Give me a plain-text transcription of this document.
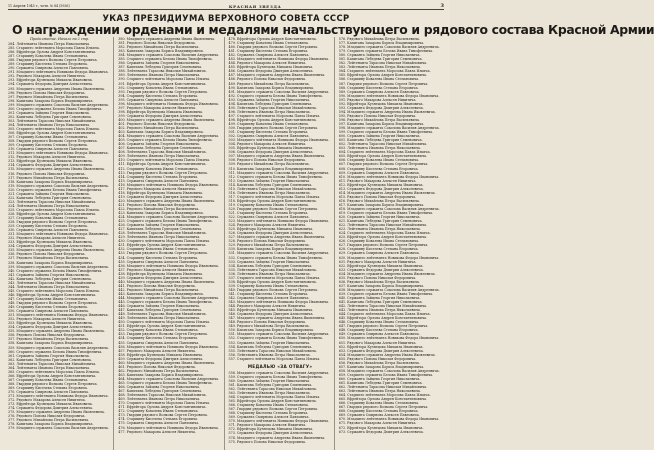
11 Апреля 1945 г., четв. № 84 (5936)	КРАСНАЯ ЗВЕЗДА	3
УКАЗ ПРЕЗИДИУМА ВЕРХОВНОГО СОВЕТА СССР
О награждении орденами и медалями начальствующего и рядового состава Красной Армии
Продолжение. Начало на 2 стр.
284. Лейтенанта Иванова Петра Николаевича.
285. Старшего лейтенанта Морозова Павла Ильича.
286. Ефрейтора Орлова Андрея Константиновича.
287. Старшину Ковалева Ивана Степановича.
288. Гвардии рядового Волкова Сергея Петровича.
289. Старшину Киселева Степана Егоровича.
290. Сержанта Смирнова Алексея Павловича.
291. Младшего лейтенанта Новикова Федора Ивановича.
292. Рядового Макарова Алексея Никитича.
293. Ефрейтора Кузнецова Михаила Ивановича.
294. Сержанта Федорова Дмитрия Алексеевича.
295. Младшего сержанта Андреева Ивана Яковлевича.
296. Рядового Попова Николая Федоровича.
297. Рядового Михайлова Петра Васильевича.
298. Капитана Захарова Бориса Владимировича.
299. Младшего сержанта Соколова Василия Андреевича.
300. Старшего сержанта Белова Ивана Тимофеевича.
301. Сержанта Зайцева Георгия Николаевича.
302. Капитана Лебедева Григория Семеновича.
303. Лейтенанта Тарасова Николая Михайловича.
304. Лейтенанта Иванова Петра Николаевича.
305. Старшего лейтенанта Морозова Павла Ильича.
306. Ефрейтора Орлова Андрея Константиновича.
307. Старшину Ковалева Ивана Степановича.
308. Гвардии рядового Волкова Сергея Петровича.
309. Старшину Киселева Степана Егоровича.
310. Сержанта Смирнова Алексея Павловича.
311. Младшего лейтенанта Новикова Федора Ивановича.
312. Рядового Макарова Алексея Никитича.
313. Ефрейтора Кузнецова Михаила Ивановича.
314. Сержанта Федорова Дмитрия Алексеевича.
315. Младшего сержанта Андреева Ивана Яковлевича.
316. Рядового Попова Николая Федоровича.
317. Рядового Михайлова Петра Васильевича.
318. Капитана Захарова Бориса Владимировича.
319. Младшего сержанта Соколова Василия Андреевича.
320. Старшего сержанта Белова Ивана Тимофеевича.
321. Сержанта Зайцева Георгия Николаевича.
322. Капитана Лебедева Григория Семеновича.
323. Лейтенанта Тарасова Николая Михайловича.
324. Лейтенанта Иванова Петра Николаевича.
325. Старшего лейтенанта Морозова Павла Ильича.
326. Ефрейтора Орлова Андрея Константиновича.
327. Старшину Ковалева Ивана Степановича.
328. Гвардии рядового Волкова Сергея Петровича.
329. Старшину Киселева Степана Егоровича.
330. Сержанта Смирнова Алексея Павловича.
331. Младшего лейтенанта Новикова Федора Ивановича.
332. Рядового Макарова Алексея Никитича.
333. Ефрейтора Кузнецова Михаила Ивановича.
334. Сержанта Федорова Дмитрия Алексеевича.
335. Младшего сержанта Андреева Ивана Яковлевича.
336. Рядового Попова Николая Федоровича.
337. Рядового Михайлова Петра Васильевича.
338. Капитана Захарова Бориса Владимировича.
339. Младшего сержанта Соколова Василия Андреевича.
340. Старшего сержанта Белова Ивана Тимофеевича.
341. Сержанта Зайцева Георгия Николаевича.
342. Капитана Лебедева Григория Семеновича.
343. Лейтенанта Тарасова Николая Михайловича.
344. Лейтенанта Иванова Петра Николаевича.
345. Старшего лейтенанта Морозова Павла Ильича.
346. Ефрейтора Орлова Андрея Константиновича.
347. Старшину Ковалева Ивана Степановича.
348. Гвардии рядового Волкова Сергея Петровича.
349. Старшину Киселева Степана Егоровича.
350. Сержанта Смирнова Алексея Павловича.
351. Младшего лейтенанта Новикова Федора Ивановича.
352. Рядового Макарова Алексея Никитича.
353. Ефрейтора Кузнецова Михаила Ивановича.
354. Сержанта Федорова Дмитрия Алексеевича.
355. Младшего сержанта Андреева Ивана Яковлевича.
356. Рядового Попова Николая Федоровича.
357. Рядового Михайлова Петра Васильевича.
358. Капитана Захарова Бориса Владимировича.
359. Младшего сержанта Соколова Василия Андреевича.
360. Старшего сержанта Белова Ивана Тимофеевича.
361. Сержанта Зайцева Георгия Николаевича.
362. Капитана Лебедева Григория Семеновича.
363. Лейтенанта Тарасова Николая Михайловича.
364. Лейтенанта Иванова Петра Николаевича.
365. Старшего лейтенанта Морозова Павла Ильича.
366. Ефрейтора Орлова Андрея Константиновича.
367. Старшину Ковалева Ивана Степановича.
368. Гвардии рядового Волкова Сергея Петровича.
369. Старшину Киселева Степана Егоровича.
370. Сержанта Смирнова Алексея Павловича.
371. Младшего лейтенанта Новикова Федора Ивановича.
372. Рядового Макарова Алексея Никитича.
373. Ефрейтора Кузнецова Михаила Ивановича.
374. Сержанта Федорова Дмитрия Алексеевича.
375. Младшего сержанта Андреева Ивана Яковлевича.
376. Рядового Попова Николая Федоровича.
377. Рядового Михайлова Петра Васильевича.
378. Капитана Захарова Бориса Владимировича.
379. Младшего сержанта Соколова Василия Андреевича.
380. Младшего сержанта Андреева Ивана Яковлевича.
381. Рядового Попова Николая Федоровича.
382. Рядового Михайлова Петра Васильевича.
383. Капитана Захарова Бориса Владимировича.
384. Младшего сержанта Соколова Василия Андреевича.
385. Старшего сержанта Белова Ивана Тимофеевича.
386. Сержанта Зайцева Георгия Николаевича.
387. Капитана Лебедева Григория Семеновича.
388. Лейтенанта Тарасова Николая Михайловича.
389. Лейтенанта Иванова Петра Николаевича.
390. Старшего лейтенанта Морозова Павла Ильича.
391. Ефрейтора Орлова Андрея Константиновича.
392. Старшину Ковалева Ивана Степановича.
393. Гвардии рядового Волкова Сергея Петровича.
394. Старшину Киселева Степана Егоровича.
395. Сержанта Смирнова Алексея Павловича.
396. Младшего лейтенанта Новикова Федора Ивановича.
397. Рядового Макарова Алексея Никитича.
398. Ефрейтора Кузнецова Михаила Ивановича.
399. Сержанта Федорова Дмитрия Алексеевича.
400. Младшего сержанта Андреева Ивана Яковлевича.
401. Рядового Попова Николая Федоровича.
402. Рядового Михайлова Петра Васильевича.
403. Капитана Захарова Бориса Владимировича.
404. Младшего сержанта Соколова Василия Андреевича.
405. Старшего сержанта Белова Ивана Тимофеевича.
406. Сержанта Зайцева Георгия Николаевича.
407. Капитана Лебедева Григория Семеновича.
408. Лейтенанта Тарасова Николая Михайловича.
409. Лейтенанта Иванова Петра Николаевича.
410. Старшего лейтенанта Морозова Павла Ильича.
411. Ефрейтора Орлова Андрея Константиновича.
412. Старшину Ковалева Ивана Степановича.
413. Гвардии рядового Волкова Сергея Петровича.
414. Старшину Киселева Степана Егоровича.
415. Сержанта Смирнова Алексея Павловича.
416. Младшего лейтенанта Новикова Федора Ивановича.
417. Рядового Макарова Алексея Никитича.
418. Ефрейтора Кузнецова Михаила Ивановича.
419. Сержанта Федорова Дмитрия Алексеевича.
420. Младшего сержанта Андреева Ивана Яковлевича.
421. Рядового Попова Николая Федоровича.
422. Рядового Михайлова Петра Васильевича.
423. Капитана Захарова Бориса Владимировича.
424. Младшего сержанта Соколова Василия Андреевича.
425. Старшего сержанта Белова Ивана Тимофеевича.
426. Сержанта Зайцева Георгия Николаевича.
427. Капитана Лебедева Григория Семеновича.
428. Лейтенанта Тарасова Николая Михайловича.
429. Лейтенанта Иванова Петра Николаевича.
430. Старшего лейтенанта Морозова Павла Ильича.
431. Ефрейтора Орлова Андрея Константиновича.
432. Старшину Ковалева Ивана Степановича.
433. Гвардии рядового Волкова Сергея Петровича.
434. Старшину Киселева Степана Егоровича.
435. Сержанта Смирнова Алексея Павловича.
436. Младшего лейтенанта Новикова Федора Ивановича.
437. Рядового Макарова Алексея Никитича.
438. Ефрейтора Кузнецова Михаила Ивановича.
439. Сержанта Федорова Дмитрия Алексеевича.
440. Младшего сержанта Андреева Ивана Яковлевича.
441. Рядового Попова Николая Федоровича.
442. Рядового Михайлова Петра Васильевича.
443. Капитана Захарова Бориса Владимировича.
444. Младшего сержанта Соколова Василия Андреевича.
445. Старшего сержанта Белова Ивана Тимофеевича.
446. Сержанта Зайцева Георгия Николаевича.
447. Капитана Лебедева Григория Семеновича.
448. Лейтенанта Тарасова Николая Михайловича.
449. Лейтенанта Иванова Петра Николаевича.
450. Старшего лейтенанта Морозова Павла Ильича.
451. Ефрейтора Орлова Андрея Константиновича.
452. Старшину Ковалева Ивана Степановича.
453. Гвардии рядового Волкова Сергея Петровича.
454. Старшину Киселева Степана Егоровича.
455. Сержанта Смирнова Алексея Павловича.
456. Младшего лейтенанта Новикова Федора Ивановича.
457. Рядового Макарова Алексея Никитича.
458. Ефрейтора Кузнецова Михаила Ивановича.
459. Сержанта Федорова Дмитрия Алексеевича.
460. Младшего сержанта Андреева Ивана Яковлевича.
461. Рядового Попова Николая Федоровича.
462. Рядового Михайлова Петра Васильевича.
463. Капитана Захарова Бориса Владимировича.
464. Младшего сержанта Соколова Василия Андреевича.
465. Старшего сержанта Белова Ивана Тимофеевича.
466. Сержанта Зайцева Георгия Николаевича.
467. Капитана Лебедева Григория Семеновича.
468. Лейтенанта Тарасова Николая Михайловича.
469. Лейтенанта Иванова Петра Николаевича.
470. Старшего лейтенанта Морозова Павла Ильича.
471. Ефрейтора Орлова Андрея Константиновича.
472. Старшину Ковалева Ивана Степановича.
473. Гвардии рядового Волкова Сергея Петровича.
474. Старшину Киселева Степана Егоровича.
475. Сержанта Смирнова Алексея Павловича.
476. Младшего лейтенанта Новикова Федора Ивановича.
477. Рядового Макарова Алексея Никитича.
478. Ефрейтора Орлова Андрея Константиновича.
479. Старшину Ковалева Ивана Степановича.
480. Гвардии рядового Волкова Сергея Петровича.
481. Старшину Киселева Степана Егоровича.
482. Сержанта Смирнова Алексея Павловича.
483. Младшего лейтенанта Новикова Федора Ивановича.
484. Рядового Макарова Алексея Никитича.
485. Ефрейтора Кузнецова Михаила Ивановича.
486. Сержанта Федорова Дмитрия Алексеевича.
487. Младшего сержанта Андреева Ивана Яковлевича.
488. Рядового Попова Николая Федоровича.
489. Рядового Михайлова Петра Васильевича.
490. Капитана Захарова Бориса Владимировича.
491. Младшего сержанта Соколова Василия Андреевича.
492. Старшего сержанта Белова Ивана Тимофеевича.
493. Сержанта Зайцева Георгия Николаевича.
494. Капитана Лебедева Григория Семеновича.
495. Лейтенанта Тарасова Николая Михайловича.
496. Лейтенанта Иванова Петра Николаевича.
497. Старшего лейтенанта Морозова Павла Ильича.
498. Ефрейтора Орлова Андрея Константиновича.
499. Старшину Ковалева Ивана Степановича.
500. Гвардии рядового Волкова Сергея Петровича.
501. Старшину Киселева Степана Егоровича.
502. Сержанта Смирнова Алексея Павловича.
503. Младшего лейтенанта Новикова Федора Ивановича.
504. Рядового Макарова Алексея Никитича.
505. Ефрейтора Кузнецова Михаила Ивановича.
506. Сержанта Федорова Дмитрия Алексеевича.
507. Младшего сержанта Андреева Ивана Яковлевича.
508. Рядового Попова Николая Федоровича.
509. Рядового Михайлова Петра Васильевича.
510. Капитана Захарова Бориса Владимировича.
511. Младшего сержанта Соколова Василия Андреевича.
512. Старшего сержанта Белова Ивана Тимофеевича.
513. Сержанта Зайцева Георгия Николаевича.
514. Капитана Лебедева Григория Семеновича.
515. Лейтенанта Тарасова Николая Михайловича.
516. Лейтенанта Иванова Петра Николаевича.
517. Старшего лейтенанта Морозова Павла Ильича.
518. Ефрейтора Орлова Андрея Константиновича.
519. Старшину Ковалева Ивана Степановича.
520. Гвардии рядового Волкова Сергея Петровича.
521. Старшину Киселева Степана Егоровича.
522. Сержанта Смирнова Алексея Павловича.
523. Младшего лейтенанта Новикова Федора Ивановича.
524. Рядового Макарова Алексея Никитича.
525. Ефрейтора Кузнецова Михаила Ивановича.
526. Сержанта Федорова Дмитрия Алексеевича.
527. Младшего сержанта Андреева Ивана Яковлевича.
528. Рядового Попова Николая Федоровича.
529. Рядового Михайлова Петра Васильевича.
530. Капитана Захарова Бориса Владимировича.
531. Младшего сержанта Соколова Василия Андреевича.
532. Старшего сержанта Белова Ивана Тимофеевича.
533. Сержанта Зайцева Георгия Николаевича.
534. Капитана Лебедева Григория Семеновича.
535. Лейтенанта Тарасова Николая Михайловича.
536. Лейтенанта Иванова Петра Николаевича.
537. Старшего лейтенанта Морозова Павла Ильича.
538. Ефрейтора Орлова Андрея Константиновича.
539. Старшину Ковалева Ивана Степановича.
540. Гвардии рядового Волкова Сергея Петровича.
541. Старшину Киселева Степана Егоровича.
542. Сержанта Смирнова Алексея Павловича.
543. Младшего лейтенанта Новикова Федора Ивановича.
544. Рядового Макарова Алексея Никитича.
545. Ефрейтора Кузнецова Михаила Ивановича.
546. Сержанта Федорова Дмитрия Алексеевича.
547. Младшего сержанта Андреева Ивана Яковлевича.
548. Рядового Попова Николая Федоровича.
549. Рядового Михайлова Петра Васильевича.
550. Капитана Захарова Бориса Владимировича.
551. Младшего сержанта Соколова Василия Андреевича.
552. Старшего сержанта Белова Ивана Тимофеевича.
553. Сержанта Зайцева Георгия Николаевича.
554. Капитана Лебедева Григория Семеновича.
555. Лейтенанта Тарасова Николая Михайловича.
556. Лейтенанта Иванова Петра Николаевича.
557. Старшего лейтенанта Морозова Павла Ильича.
МЕДАЛЬЮ «ЗА ОТВАГУ»
558. Младшего сержанта Соколова Василия Андреевича.
559. Старшего сержанта Белова Ивана Тимофеевича.
560. Сержанта Зайцева Георгия Николаевича.
561. Капитана Лебедева Григория Семеновича.
562. Лейтенанта Тарасова Николая Михайловича.
563. Лейтенанта Иванова Петра Николаевича.
564. Старшего лейтенанта Морозова Павла Ильича.
565. Ефрейтора Орлова Андрея Константиновича.
566. Старшину Ковалева Ивана Степановича.
567. Гвардии рядового Волкова Сергея Петровича.
568. Старшину Киселева Степана Егоровича.
569. Сержанта Смирнова Алексея Павловича.
570. Младшего лейтенанта Новикова Федора Ивановича.
571. Рядового Макарова Алексея Никитича.
572. Ефрейтора Кузнецова Михаила Ивановича.
573. Сержанта Федорова Дмитрия Алексеевича.
574. Младшего сержанта Андреева Ивана Яковлевича.
575. Рядового Попова Николая Федоровича.
576. Рядового Михайлова Петра Васильевича.
577. Капитана Захарова Бориса Владимировича.
578. Младшего сержанта Соколова Василия Андреевича.
579. Старшего сержанта Белова Ивана Тимофеевича.
580. Сержанта Зайцева Георгия Николаевича.
581. Капитана Лебедева Григория Семеновича.
582. Лейтенанта Тарасова Николая Михайловича.
583. Лейтенанта Иванова Петра Николаевича.
584. Старшего лейтенанта Морозова Павла Ильича.
585. Ефрейтора Орлова Андрея Константиновича.
586. Старшину Ковалева Ивана Степановича.
587. Гвардии рядового Волкова Сергея Петровича.
588. Старшину Киселева Степана Егоровича.
589. Сержанта Смирнова Алексея Павловича.
590. Младшего лейтенанта Новикова Федора Ивановича.
591. Рядового Макарова Алексея Никитича.
592. Ефрейтора Кузнецова Михаила Ивановича.
593. Сержанта Федорова Дмитрия Алексеевича.
594. Младшего сержанта Андреева Ивана Яковлевича.
595. Рядового Попова Николая Федоровича.
596. Рядового Михайлова Петра Васильевича.
597. Капитана Захарова Бориса Владимировича.
598. Младшего сержанта Соколова Василия Андреевича.
599. Старшего сержанта Белова Ивана Тимофеевича.
600. Сержанта Зайцева Георгия Николаевича.
601. Капитана Лебедева Григория Семеновича.
602. Лейтенанта Тарасова Николая Михайловича.
603. Лейтенанта Иванова Петра Николаевича.
604. Старшего лейтенанта Морозова Павла Ильича.
605. Ефрейтора Орлова Андрея Константиновича.
606. Старшину Ковалева Ивана Степановича.
607. Гвардии рядового Волкова Сергея Петровича.
608. Старшину Киселева Степана Егоровича.
609. Сержанта Смирнова Алексея Павловича.
610. Младшего лейтенанта Новикова Федора Ивановича.
611. Рядового Макарова Алексея Никитича.
612. Ефрейтора Кузнецова Михаила Ивановича.
613. Сержанта Федорова Дмитрия Алексеевича.
614. Младшего сержанта Андреева Ивана Яковлевича.
615. Рядового Попова Николая Федоровича.
616. Рядового Михайлова Петра Васильевича.
617. Капитана Захарова Бориса Владимировича.
618. Младшего сержанта Соколова Василия Андреевича.
619. Старшего сержанта Белова Ивана Тимофеевича.
620. Сержанта Зайцева Георгия Николаевича.
621. Капитана Лебедева Григория Семеновича.
622. Лейтенанта Тарасова Николая Михайловича.
623. Лейтенанта Иванова Петра Николаевича.
624. Старшего лейтенанта Морозова Павла Ильича.
625. Ефрейтора Орлова Андрея Константиновича.
626. Старшину Ковалева Ивана Степановича.
627. Гвардии рядового Волкова Сергея Петровича.
628. Старшину Киселева Степана Егоровича.
629. Сержанта Смирнова Алексея Павловича.
630. Младшего лейтенанта Новикова Федора Ивановича.
631. Рядового Макарова Алексея Никитича.
632. Ефрейтора Кузнецова Михаила Ивановича.
633. Сержанта Федорова Дмитрия Алексеевича.
634. Младшего сержанта Андреева Ивана Яковлевича.
635. Рядового Попова Николая Федоровича.
636. Рядового Михайлова Петра Васильевича.
637. Капитана Захарова Бориса Владимировича.
638. Младшего сержанта Соколова Василия Андреевича.
639. Старшего сержанта Белова Ивана Тимофеевича.
640. Сержанта Зайцева Георгия Николаевича.
641. Капитана Лебедева Григория Семеновича.
642. Лейтенанта Тарасова Николая Михайловича.
643. Лейтенанта Иванова Петра Николаевича.
644. Старшего лейтенанта Морозова Павла Ильича.
645. Ефрейтора Орлова Андрея Константиновича.
646. Старшину Ковалева Ивана Степановича.
647. Гвардии рядового Волкова Сергея Петровича.
648. Старшину Киселева Степана Егоровича.
649. Сержанта Смирнова Алексея Павловича.
650. Младшего лейтенанта Новикова Федора Ивановича.
651. Рядового Макарова Алексея Никитича.
652. Ефрейтора Кузнецова Михаила Ивановича.
653. Сержанта Федорова Дмитрия Алексеевича.
654. Младшего сержанта Андреева Ивана Яковлевича.
655. Рядового Попова Николая Федоровича.
656. Рядового Михайлова Петра Васильевича.
657. Капитана Захарова Бориса Владимировича.
658. Младшего сержанта Соколова Василия Андреевича.
659. Старшего сержанта Белова Ивана Тимофеевича.
660. Сержанта Зайцева Георгия Николаевича.
661. Капитана Лебедева Григория Семеновича.
662. Лейтенанта Тарасова Николая Михайловича.
663. Лейтенанта Иванова Петра Николаевича.
664. Старшего лейтенанта Морозова Павла Ильича.
665. Ефрейтора Орлова Андрея Константиновича.
666. Старшину Ковалева Ивана Степановича.
667. Гвардии рядового Волкова Сергея Петровича.
668. Старшину Киселева Степана Егоровича.
669. Сержанта Смирнова Алексея Павловича.
670. Младшего лейтенанта Новикова Федора Ивановича.
671. Рядового Макарова Алексея Никитича.
672. Ефрейтора Кузнецова Михаила Ивановича.
673. Сержанта Федорова Дмитрия Алексеевича.
